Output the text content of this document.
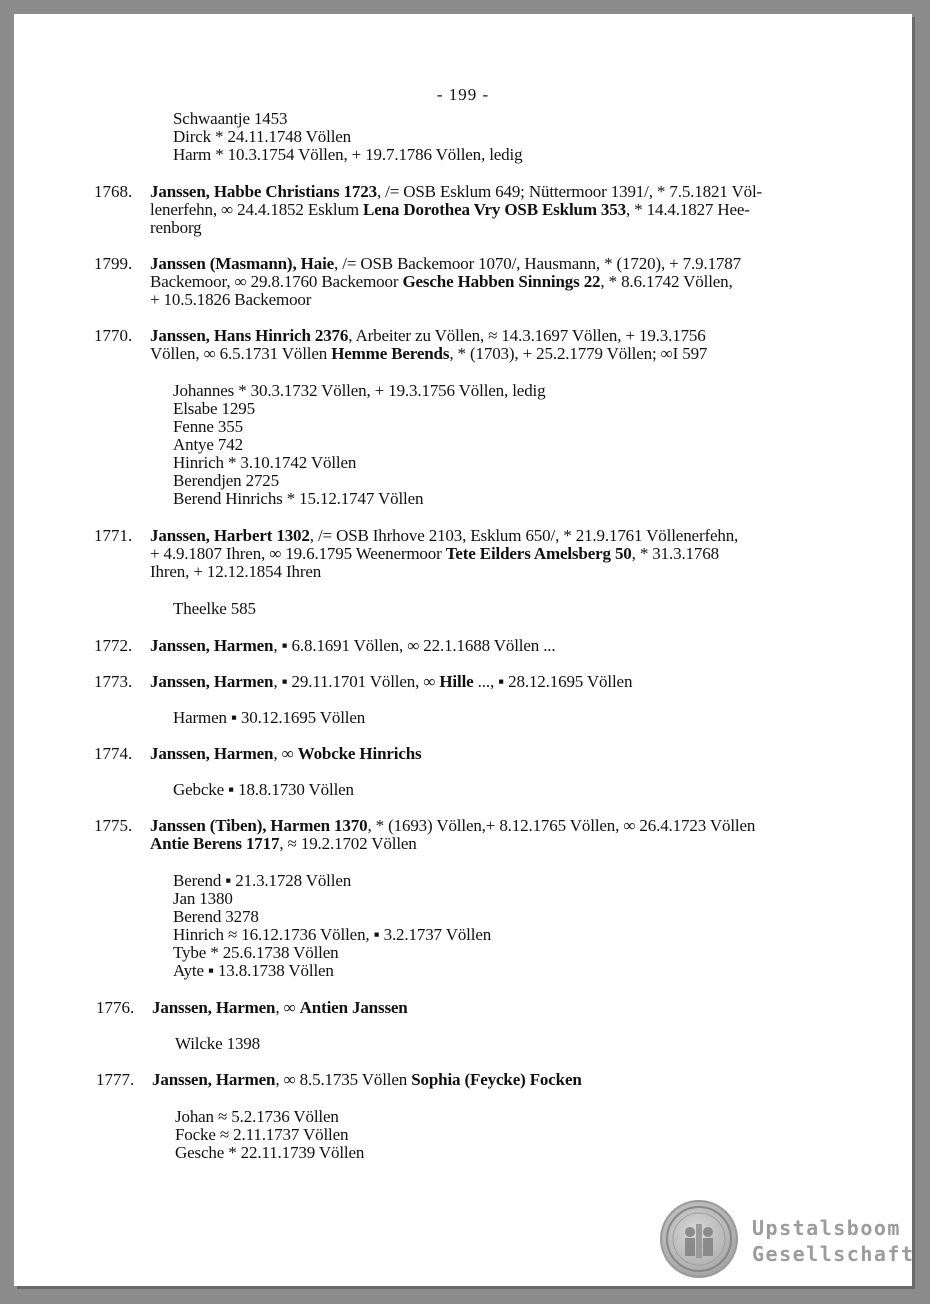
- 199 -
Schwaantje 1453
Dirck * 24.11.1748 Völlen
Harm * 10.3.1754 Völlen, + 19.7.1786 Völlen, ledig
1768. Janssen, Habbe Christians 1723, /= OSB Esklum 649; Nüttermoor 1391/, * 7.5.1821 Völ-
lenerfehn, ∞ 24.4.1852 Esklum Lena Dorothea Vry OSB Esklum 353, * 14.4.1827 Hee-
renborg
1799. Janssen (Masmann), Haie, /= OSB Backemoor 1070/, Hausmann, * (1720), + 7.9.1787
Backemoor, ∞ 29.8.1760 Backemoor Gesche Habben Sinnings 22, * 8.6.1742 Völlen,
+ 10.5.1826 Backemoor
1770. Janssen, Hans Hinrich 2376, Arbeiter zu Völlen, ≈ 14.3.1697 Völlen, + 19.3.1756
Völlen, ∞ 6.5.1731 Völlen Hemme Berends, * (1703), + 25.2.1779 Völlen; ∞I 597
Johannes * 30.3.1732 Völlen, + 19.3.1756 Völlen, ledig
Elsabe 1295
Fenne 355
Antye 742
Hinrich * 3.10.1742 Völlen
Berendjen 2725
Berend Hinrichs * 15.12.1747 Völlen
1771. Janssen, Harbert 1302, /= OSB Ihrhove 2103, Esklum 650/, * 21.9.1761 Völlenerfehn,
+ 4.9.1807 Ihren, ∞ 19.6.1795 Weenermoor Tete Eilders Amelsberg 50, * 31.3.1768
Ihren, + 12.12.1854 Ihren
Theelke 585
1772. Janssen, Harmen, ▪ 6.8.1691 Völlen, ∞ 22.1.1688 Völlen ...
1773. Janssen, Harmen, ▪ 29.11.1701 Völlen, ∞ Hille ..., ▪ 28.12.1695 Völlen
Harmen ▪ 30.12.1695 Völlen
1774. Janssen, Harmen, ∞ Wobcke Hinrichs
Gebcke ▪ 18.8.1730 Völlen
1775. Janssen (Tiben), Harmen 1370, * (1693) Völlen,+ 8.12.1765 Völlen, ∞ 26.4.1723 Völlen
Antie Berens 1717, ≈ 19.2.1702 Völlen
Berend ▪ 21.3.1728 Völlen
Jan 1380
Berend 3278
Hinrich ≈ 16.12.1736 Völlen, ▪ 3.2.1737 Völlen
Tybe * 25.6.1738 Völlen
Ayte ▪ 13.8.1738 Völlen
1776. Janssen, Harmen, ∞ Antien Janssen
Wilcke 1398
1777. Janssen, Harmen, ∞ 8.5.1735 Völlen Sophia (Feycke) Focken
Johan ≈ 5.2.1736 Völlen
Focke ≈ 2.11.1737 Völlen
Gesche * 22.11.1739 Völlen
Upstalsboom
Gesellschaft
